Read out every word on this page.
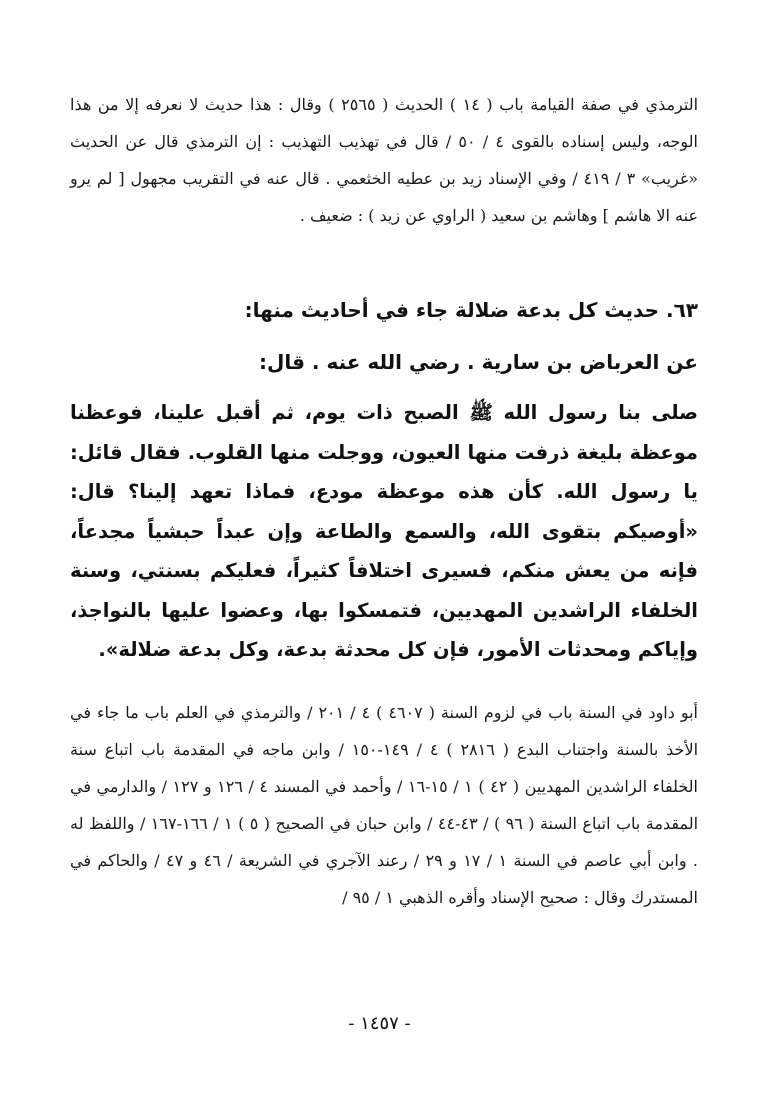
الترمذي في صفة القيامة باب ( ١٤ ) الحديث ( ٢٥٦٥ ) وقال : هذا حديث لا نعرفه إلا من هذا الوجه، وليس إسناده بالقوى ٤ / ٥٠ / قال في تهذيب التهذيب : إن الترمذي قال عن الحديث «غريب» ٣ / ٤١٩ / وفي الإسناد زيد بن عطيه الخثعمي . قال عنه في التقريب مجهول [ لم يرو عنه الا هاشم ] وهاشم بن سعيد ( الراوي عن زيد ) : ضعيف .

٦٣. حديث كل بدعة ضلالة جاء في أحاديث منها:

عن العرباض بن سارية . رضي الله عنه . قال:

صلى بنا رسول الله ﷺ الصبح ذات يوم، ثم أقبل علينا، فوعظنا موعظة بليغة ذرفت منها العيون، ووجلت منها القلوب. فقال قائل: يا رسول الله. كأن هذه موعظة مودع، فماذا تعهد إلينا؟ قال: «أوصيكم بتقوى الله، والسمع والطاعة وإن عبداً حبشياً مجدعاً، فإنه من يعش منكم، فسيرى اختلافاً كثيراً، فعليكم بسنتي، وسنة الخلفاء الراشدين المهديين، فتمسكوا بها، وعضوا عليها بالنواجذ، وإياكم ومحدثات الأمور، فإن كل محدثة بدعة، وكل بدعة ضلالة».

أبو داود في السنة باب في لزوم السنة ( ٤٦٠٧ ) ٤ / ٢٠١ / والترمذي في العلم باب ما جاء في الأخذ بالسنة واجتناب البدع ( ٢٨١٦ ) ٤ / ١٤٩-١٥٠ / وابن ماجه في المقدمة باب اتباع سنة الخلفاء الراشدين المهديين ( ٤٢ ) ١ / ١٥-١٦ / وأحمد في المسند ٤ / ١٢٦ و ١٢٧ / والدارمي في المقدمة باب اتباع السنة ( ٩٦ ) / ٤٣-٤٤ / وابن حبان في الصحيح ( ٥ ) ١ / ١٦٦-١٦٧ / واللفظ له . وابن أبي عاصم في السنة ١ / ١٧ و ٢٩ / رعند الآجري في الشريعة / ٤٦ و ٤٧ / والحاكم في المستدرك وقال : صحيح الإسناد وأقره الذهبي ١ / ٩٥ /

- ١٤٥٧ -
